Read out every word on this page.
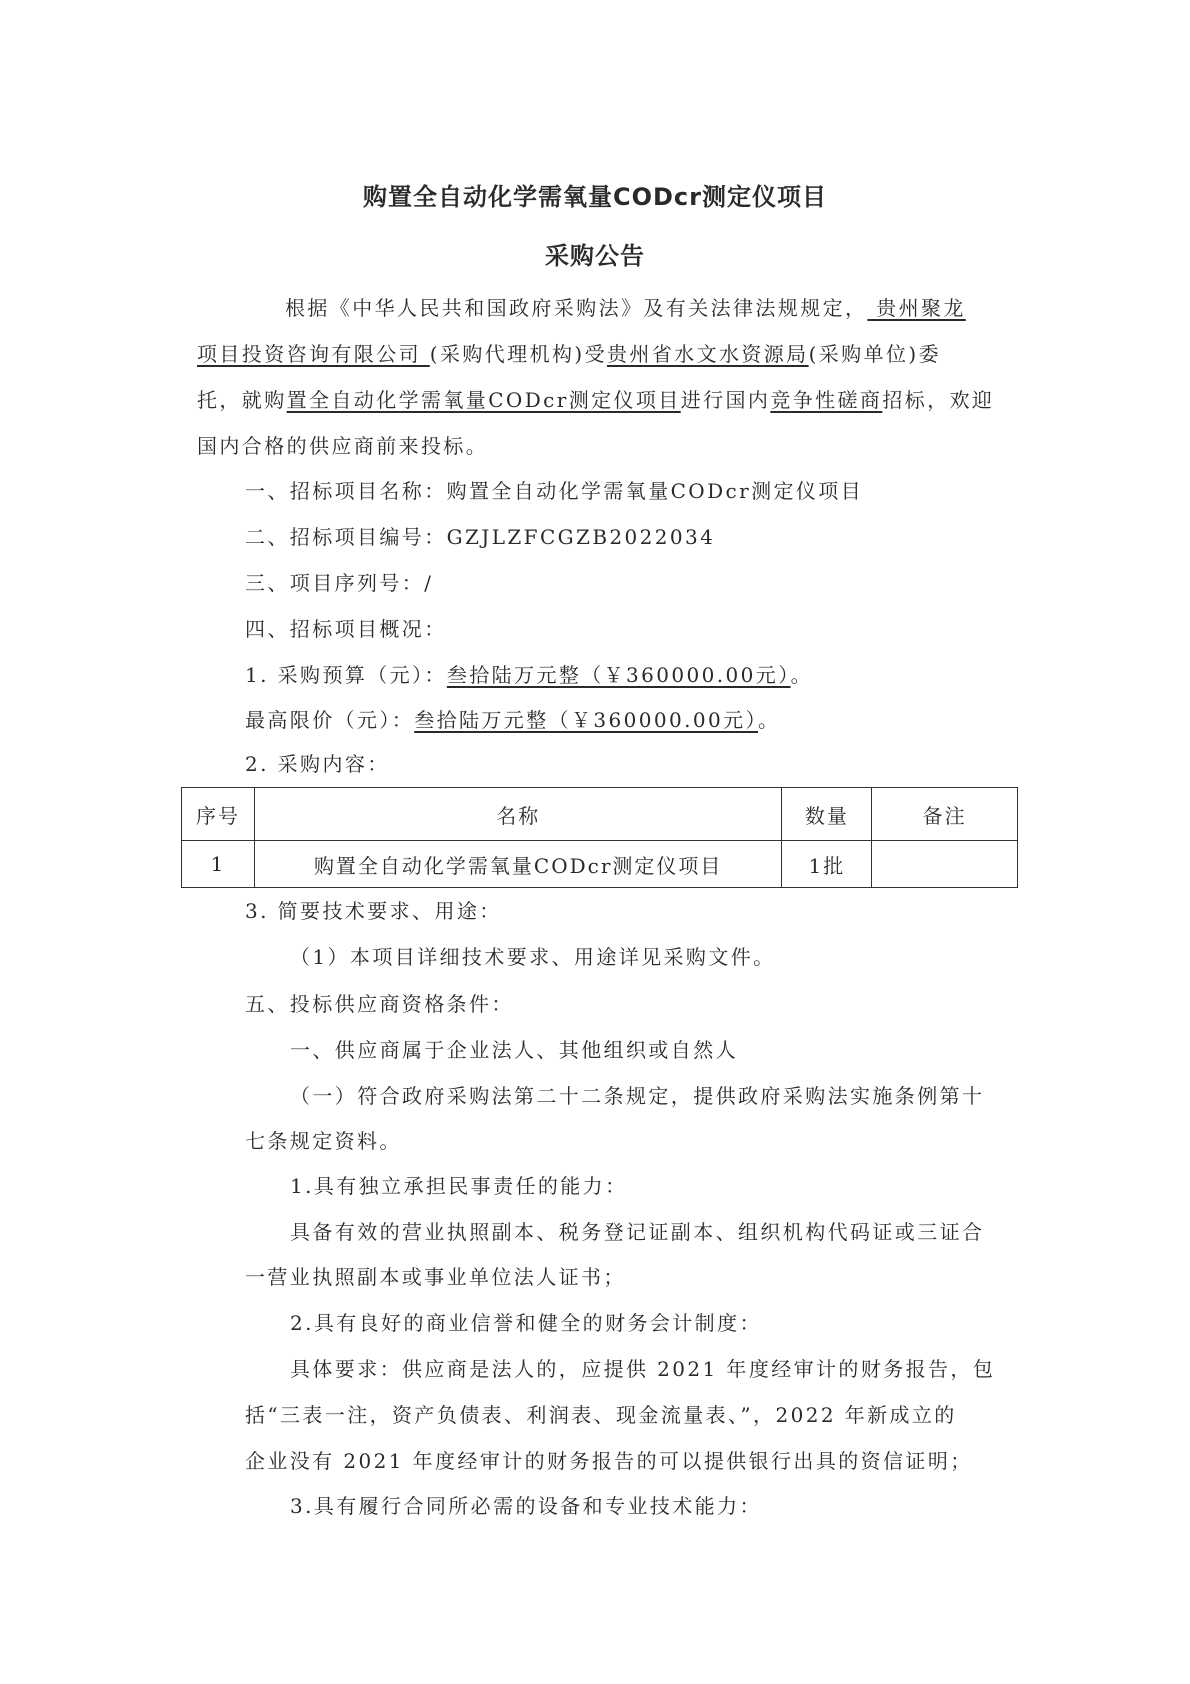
购置全自动化学需氧量CODcr测定仪项目
采购公告
根据《中华人民共和国政府采购法》及有关法律法规规定， 贵州聚龙
项目投资咨询有限公司 (采购代理机构)受贵州省水文水资源局(采购单位)委
托，就购置全自动化学需氧量CODcr测定仪项目进行国内竞争性磋商招标，欢迎
国内合格的供应商前来投标。
一、招标项目名称：购置全自动化学需氧量CODcr测定仪项目
二、招标项目编号：GZJLZFCGZB2022034
三、项目序列号：/
四、招标项目概况：
1. 采购预算（元）：叁拾陆万元整（￥360000.00元）。
最高限价（元）：叁拾陆万元整（￥360000.00元）。
2. 采购内容：
序号	名称	数量	备注
1	购置全自动化学需氧量CODcr测定仪项目	1批	
3. 简要技术要求、用途：
（1）本项目详细技术要求、用途详见采购文件。
五、投标供应商资格条件：
一、供应商属于企业法人、其他组织或自然人
（一）符合政府采购法第二十二条规定，提供政府采购法实施条例第十
七条规定资料。
1.具有独立承担民事责任的能力：
具备有效的营业执照副本、税务登记证副本、组织机构代码证或三证合
一营业执照副本或事业单位法人证书；
2.具有良好的商业信誉和健全的财务会计制度：
具体要求：供应商是法人的，应提供 2021 年度经审计的财务报告，包
括“三表一注，资产负债表、利润表、现金流量表、”，2022 年新成立的
企业没有 2021 年度经审计的财务报告的可以提供银行出具的资信证明；
3.具有履行合同所必需的设备和专业技术能力：
